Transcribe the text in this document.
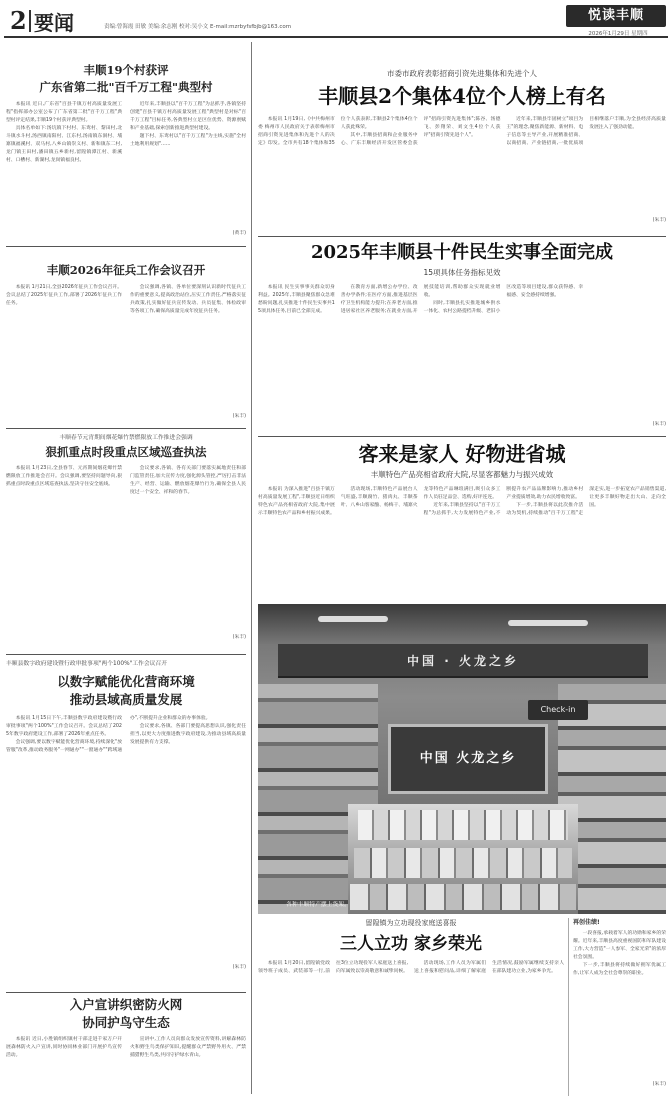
2 要闻	责编:曾海霞 田敏 美编:余志刚 校对:吴小文 E-mail:mzrbyfsfbjb@163.com
悦读丰顺
2026年1月29日 星期四
丰顺19个村获评
广东省第二批"百千万工程"典型村

本报讯 近日,广东省"百县千镇万村高质量发展工程"指挥部办公室公布了广东省第二批"百千万工程"典型村评定结果,丰顺19个村获评典型村。

具体名单如下:汤坑镇下村村、东鸾村、黎田村,北斗镇水斗村,汤西镇南阳村、江东村,汤南镇东洞村、埔寨镇福溪村、双马村,八乡山镇崇义村、新和镇东二村,龙门镇王田村,潘田镇五乡新村,留隍镇潭江村、新溪村、口槽村、新湖村,龙岗镇福良村。

近年来,丰顺县以"百千万工程"为总抓手,各镇坚持创建"百县千镇万村高质量发展工程"典型村是对标"百千万工程"目标任务,各典型村立足区位优势、资源禀赋和产业基础,探索创新推进典型村建设。

题下村、东鸾村以"百千万工程"为主线,实施"全村土地利用规划"……

(黄丰)
丰顺2026年征兵工作会议召开

本报讯 1月21日,全县2026年征兵工作会议召开。会议总结了2025年征兵工作,部署了2026年征兵工作任务。

会议强调,各镇、各单位要深刻认识新时代征兵工作的重要意义,提高政治站位,压实工作责任,严格落实征兵政策,扎实做好征兵宣传发动、兵员征集、体检政审等各项工作,确保高质量完成年度征兵任务。

(朱丰)
丰顺春节元宵期间烟花爆竹禁燃限放工作推进会强调
狠抓重点时段重点区域巡查执法

本报讯 1月23日,全县春节、元宵期间烟花爆竹禁燃限放工作推进会召开。会议强调,要坚持问题导向,狠抓重点时段重点区域巡查执法,坚决守住安全底线。

会议要求,各镇、各有关部门要落实属地责任和部门监管责任,加大宣传力度,强化源头管控,严厉打击非法生产、经营、运输、燃放烟花爆竹行为,确保全县人民度过一个安全、祥和的春节。

(朱丰)
丰顺县数字政府建设暨行政审批事项"两个100%"工作会议召开
以数字赋能优化营商环境
推动县域高质量发展

本报讯 1月15日下午,丰顺县数字政府建设暨行政审批事项"两个100%"工作会议召开。会议总结了2025年数字政府建设工作,部署了2026年重点任务。

会议强调,要以数字赋能优化营商环境,持续深化"放管服"改革,推动政务服务"一网通办""一窗通办""跨域通办",不断提升企业和群众的办事体验。

会议要求,各镇、各部门要提高思想认识,强化责任担当,以更大力度推进数字政府建设,为推动县域高质量发展提供有力支撑。

(朱丰)
入户宣讲织密防火网
协同护鸟守生态

本报讯 近日,小胜镇组织镇村干部走进千家万户开展森林防火入户宣讲,同时协同林业部门开展护鸟宣传活动。

宣讲中,工作人员向群众发放宣传资料,讲解森林防火和野生鸟类保护知识,提醒群众严禁野外用火、严禁捕猎野生鸟类,共同守护绿水青山。

市委市政府表彰招商引资先进集体和先进个人
丰顺县2个集体4位个人榜上有名

本报讯 1月19日,《中共梅州市委 梅州市人民政府关于表彰梅州市招商引资先进集体和先进个人的决定》印发。全市共有18个集体和35位个人获表彰,丰顺县2个集体4位个人获此殊荣。

其中,丰顺县招商和企业服务中心、广东丰顺经济开发区管委会获评"招商引资先进集体";陈谷、汤德飞、彭翔荣、刘文生4位个人获评"招商引资先进个人"。

近年来,丰顺县牢固树立"项目为王"的理念,聚焦新能源、新材料、电子信息等主导产业,开展精准招商、以商招商、产业链招商,一批优质项目相继落户丰顺,为全县经济高质量发展注入了强劲动能。

(朱丰)
2025年丰顺县十件民生实事全面完成
15项具体任务指标见效

本报讯 民生实事事关群众切身利益。2025年,丰顺县聚焦群众急难愁盼问题,扎实推进十件民生实事共15项具体任务,目前已全部完成。

在教育方面,新增公办学位、改善办学条件;在医疗方面,推进基层医疗卫生机构能力提升;在养老方面,推进居家社区养老服务;在就业方面,开展技能培训,帮助群众实现就业增收。

同时,丰顺县扎实推进城乡供水一体化、农村公路提档升级、老旧小区改造等项目建设,群众获得感、幸福感、安全感持续增强。

(朱丰)
客来是家人 好物进省城
丰顺特色产品亮相省政府大院,尽显客都魅力与振兴成效

本报讯 为深入推进"百县千镇万村高质量发展工程",丰顺县近日组织特色农产品亮相省政府大院,集中展示丰顺特色农产品和乡村振兴成果。

活动现场,丰顺特色产品展台人气旺盛,丰顺腐竹、猪肉丸、丰顺茶叶、八乡山客家酿、杨梅干、埔寨火龙等特色产品琳琅满目,吸引众多工作人员驻足品尝、选购,好评连连。

近年来,丰顺县坚持以"百千万工程"为总抓手,大力发展特色产业,不断提升农产品品牌影响力,推动乡村产业提质增效,助力农民增收致富。

下一步,丰顺县将以此次推介活动为契机,持续推动"百千万工程"走深走实,进一步拓宽农产品销售渠道,让更多丰顺好物走出大山、走向全国。

中国 · 火龙之乡
Check-in
中国 火龙之乡
各种丰顺特产摆上货架。
留隍镇为立功现役家庭送喜报
三人立功 家乡荣光

本报讯 1月20日,留隍镇党政领导班子成员、武装部等一行,前往3位立功现役军人家庭送上喜报,向军属致以崇高敬意和诚挚问候。

活动现场,工作人员为军属们送上喜报和慰问品,详细了解家庭生活情况,鼓励军属继续支持亲人在部队建功立业,为家乡争光。

再创佳绩!

一段喜报,承载着军人的功勋和家乡的荣耀。近年来,丰顺县高度重视国防和军队建设工作,大力营造"一人参军、全家光荣"的浓厚社会氛围。

下一步,丰顺县将持续做好拥军优属工作,让军人成为全社会尊崇的职业。

(朱丰)
